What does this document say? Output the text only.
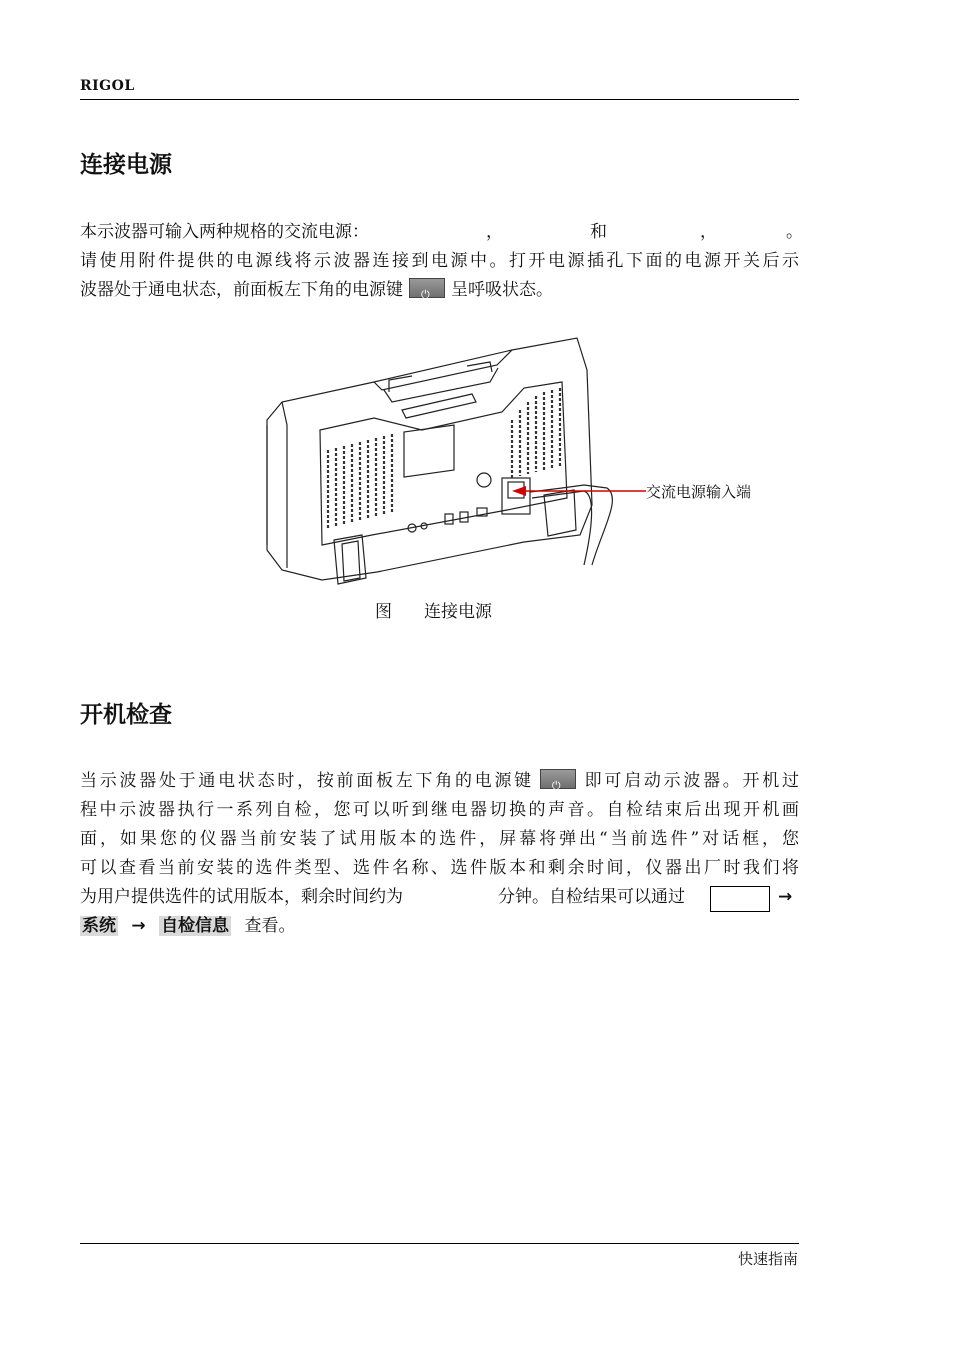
RIGOL
连接电源
本示波器可输入两种规格的交流电源：	，	和	，	。
请使用附件提供的电源线将示波器连接到电源中。打开电源插孔下面的电源开关后示
波器处于通电状态，前面板左下角的电源键 ⏻	呈呼吸状态。
交流电源输入端
图 连接电源
开机检查
当示波器处于通电状态时，按前面板左下角的电源键 ⏻	即可启动示波器。开机过
程中示波器执行一系列自检，您可以听到继电器切换的声音。自检结束后出现开机画
面，如果您的仪器当前安装了试用版本的选件，屏幕将弹出“当前选件”对话框，您
可以查看当前安装的选件类型、选件名称、选件版本和剩余时间，仪器出厂时我们将
为用户提供选件的试用版本，剩余时间约为	分钟。自检结果可以通过	→
系统 → 自检信息 查看。
快速指南
